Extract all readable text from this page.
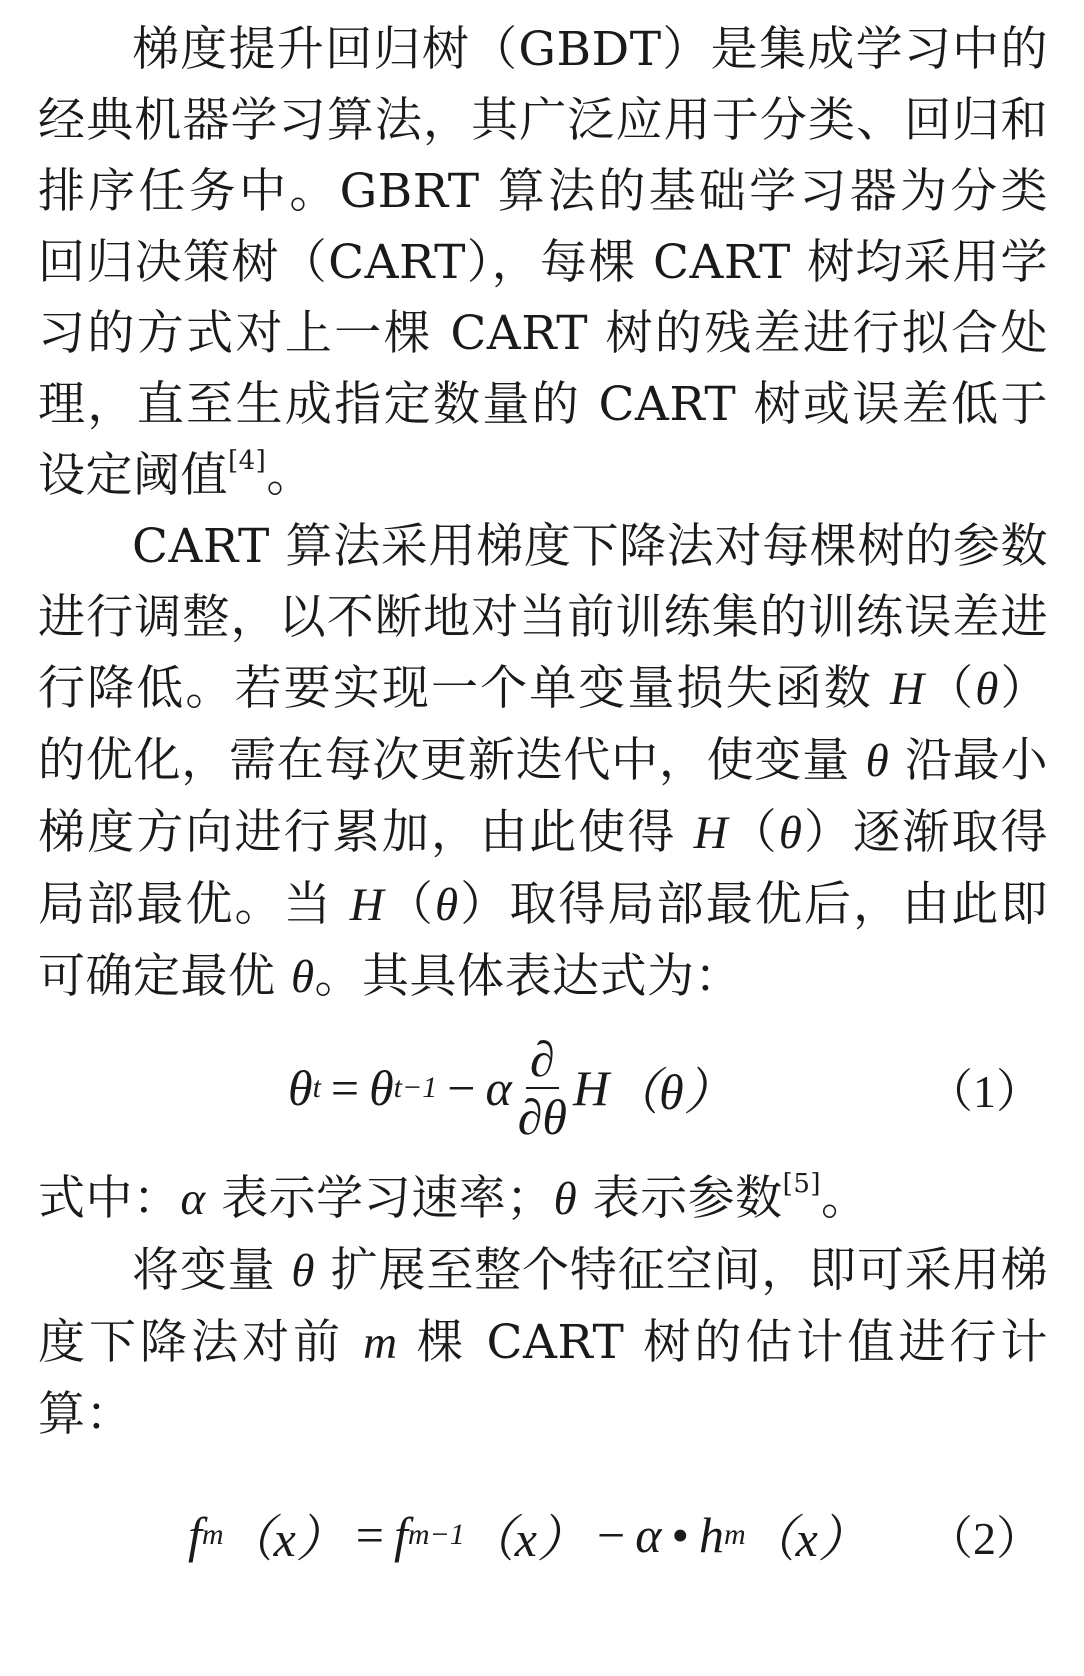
梯度提升回归树（GBDT）是集成学习中的经典机器学习算法，其广泛应用于分类、回归和排序任务中。GBRT 算法的基础学习器为分类回归决策树（CART），每棵 CART 树均采用学习的方式对上一棵 CART 树的残差进行拟合处理，直至生成指定数量的 CART 树或误差低于设定阈值[4]。

CART 算法采用梯度下降法对每棵树的参数进行调整，以不断地对当前训练集的训练误差进行降低。若要实现一个单变量损失函数 H（θ）的优化，需在每次更新迭代中，使变量 θ 沿最小梯度方向进行累加，由此使得 H（θ）逐渐取得局部最优。当 H（θ）取得局部最优后，由此即可确定最优 θ。其具体表达式为：

θ t = θ t−1 − α $\frac{\partial}{\partial\theta}$ H （θ）	（1）

式中：α 表示学习速率；θ 表示参数[5]。

将变量 θ 扩展至整个特征空间，即可采用梯度下降法对前 m 棵 CART 树的估计值进行计算：

f m （x） = f m−1 （x） − α • h m （x） （2）
